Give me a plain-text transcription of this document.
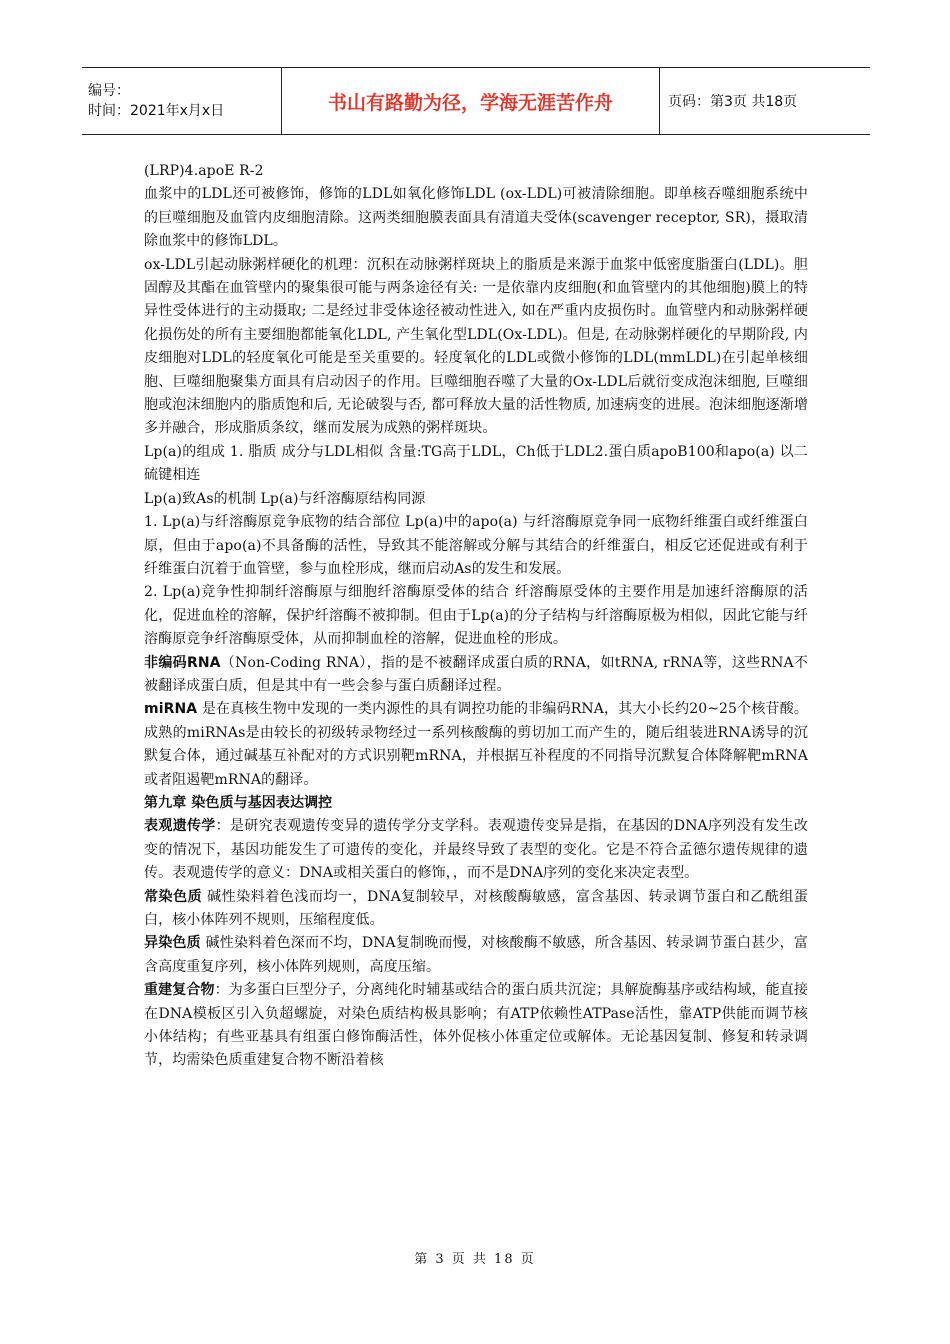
编号：
时间：2021年x月x日	书山有路勤为径，学海无涯苦作舟	页码：第3页 共18页

(LRP)4.apoE R-2

血浆中的LDL还可被修饰，修饰的LDL如氧化修饰LDL (ox-LDL)可被清除细胞。即单核吞噬细胞系统中的巨噬细胞及血管内皮细胞清除。这两类细胞膜表面具有清道夫受体(scavenger receptor, SR)，摄取清除血浆中的修饰LDL。

ox-LDL引起动脉粥样硬化的机理：沉积在动脉粥样斑块上的脂质是来源于血浆中低密度脂蛋白(LDL)。胆固醇及其酯在血管壁内的聚集很可能与两条途径有关: 一是依靠内皮细胞(和血管壁内的其他细胞)膜上的特异性受体进行的主动摄取; 二是经过非受体途径被动性进入, 如在严重内皮损伤时。血管壁内和动脉粥样硬化损伤处的所有主要细胞都能氧化LDL, 产生氧化型LDL(Ox-LDL)。但是, 在动脉粥样硬化的早期阶段, 内皮细胞对LDL的轻度氧化可能是至关重要的。轻度氧化的LDL或微小修饰的LDL(mmLDL)在引起单核细胞、巨噬细胞聚集方面具有启动因子的作用。巨噬细胞吞噬了大量的Ox-LDL后就衍变成泡沫细胞, 巨噬细胞或泡沫细胞内的脂质饱和后, 无论破裂与否, 都可释放大量的活性物质, 加速病变的进展。泡沫细胞逐渐增多并融合，形成脂质条纹，继而发展为成熟的粥样斑块。

Lp(a)的组成 1. 脂质 成分与LDL相似 含量:TG高于LDL，Ch低于LDL2.蛋白质apoB100和apo(a) 以二硫键相连

Lp(a)致As的机制 Lp(a)与纤溶酶原结构同源

1. Lp(a)与纤溶酶原竞争底物的结合部位 Lp(a)中的apo(a) 与纤溶酶原竞争同一底物纤维蛋白或纤维蛋白原，但由于apo(a)不具备酶的活性，导致其不能溶解或分解与其结合的纤维蛋白，相反它还促进或有利于纤维蛋白沉着于血管壁，参与血栓形成，继而启动As的发生和发展。

2. Lp(a)竞争性抑制纤溶酶原与细胞纤溶酶原受体的结合 纤溶酶原受体的主要作用是加速纤溶酶原的活化，促进血栓的溶解，保护纤溶酶不被抑制。但由于Lp(a)的分子结构与纤溶酶原极为相似，因此它能与纤溶酶原竞争纤溶酶原受体，从而抑制血栓的溶解，促进血栓的形成。

非编码RNA（Non-Coding RNA），指的是不被翻译成蛋白质的RNA，如tRNA, rRNA等，这些RNA不被翻译成蛋白质，但是其中有一些会参与蛋白质翻译过程。

miRNA 是在真核生物中发现的一类内源性的具有调控功能的非编码RNA，其大小长约20~25个核苷酸。成熟的miRNAs是由较长的初级转录物经过一系列核酸酶的剪切加工而产生的，随后组装进RNA诱导的沉默复合体，通过碱基互补配对的方式识别靶mRNA，并根据互补程度的不同指导沉默复合体降解靶mRNA或者阻遏靶mRNA的翻译。

第九章 染色质与基因表达调控

表观遗传学：是研究表观遗传变异的遗传学分支学科。表观遗传变异是指，在基因的DNA序列没有发生改变的情况下，基因功能发生了可遗传的变化，并最终导致了表型的变化。它是不符合孟德尔遗传规律的遗传。表观遗传学的意义：DNA或相关蛋白的修饰，，而不是DNA序列的变化来决定表型。

常染色质 碱性染料着色浅而均一，DNA复制较早，对核酸酶敏感，富含基因、转录调节蛋白和乙酰组蛋白，核小体阵列不规则，压缩程度低。

异染色质 碱性染料着色深而不均，DNA复制晚而慢，对核酸酶不敏感，所含基因、转录调节蛋白甚少，富含高度重复序列，核小体阵列规则，高度压缩。

重建复合物：为多蛋白巨型分子，分离纯化时辅基或结合的蛋白质共沉淀；具解旋酶基序或结构域，能直接在DNA模板区引入负超螺旋，对染色质结构极具影响；有ATP依赖性ATPase活性，靠ATP供能而调节核小体结构；有些亚基具有组蛋白修饰酶活性，体外促核小体重定位或解体。无论基因复制、修复和转录调节，均需染色质重建复合物不断沿着核

第 3 页 共 18 页
